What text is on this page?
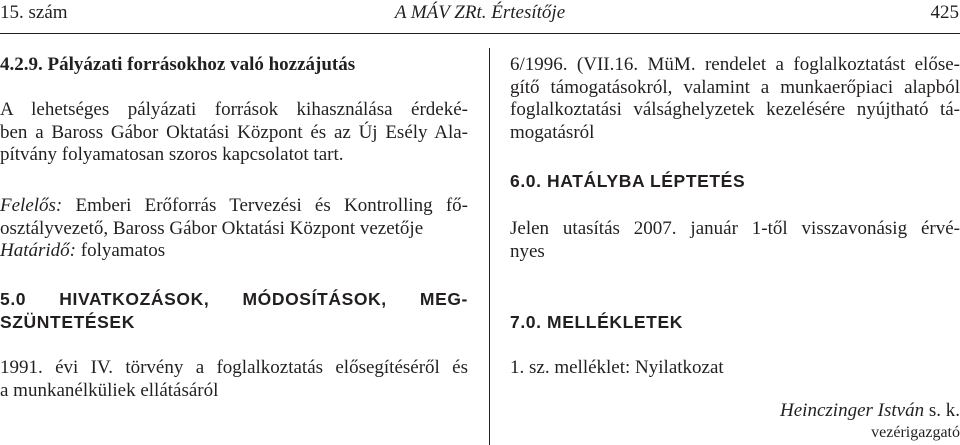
15. szám	A MÁV ZRt. Értesítője	425

4.2.9. Pályázati forrásokhoz való hozzájutás

A lehetséges pályázati források kihasználása érdeké-
ben a Baross Gábor Oktatási Központ és az Új Esély Ala-
pítvány folyamatosan szoros kapcsolatot tart.
Felelős: Emberi Erőforrás Tervezési és Kontrolling fő-
osztályvezető, Baross Gábor Oktatási Központ vezetője
Határidő: folyamatos
5.0 HIVATKOZÁSOK, MÓDOSÍTÁSOK, MEG-
SZÜNTETÉSEK
1991. évi IV. törvény a foglalkoztatás elősegítéséről és
a munkanélküliek ellátásáról
6/1996. (VII.16. MüM. rendelet a foglalkoztatást előse-
gítő támogatásokról, valamint a munkaerőpiaci alapból
foglalkoztatási válsághelyzetek kezelésére nyújtható tá-
mogatásról
6.0. HATÁLYBA LÉPTETÉS
Jelen utasítás 2007. január 1-től visszavonásig érvé-
nyes
7.0. MELLÉKLETEK
1. sz. melléklet: Nyilatkozat
Heinczinger István s. k.
vezérigazgató
